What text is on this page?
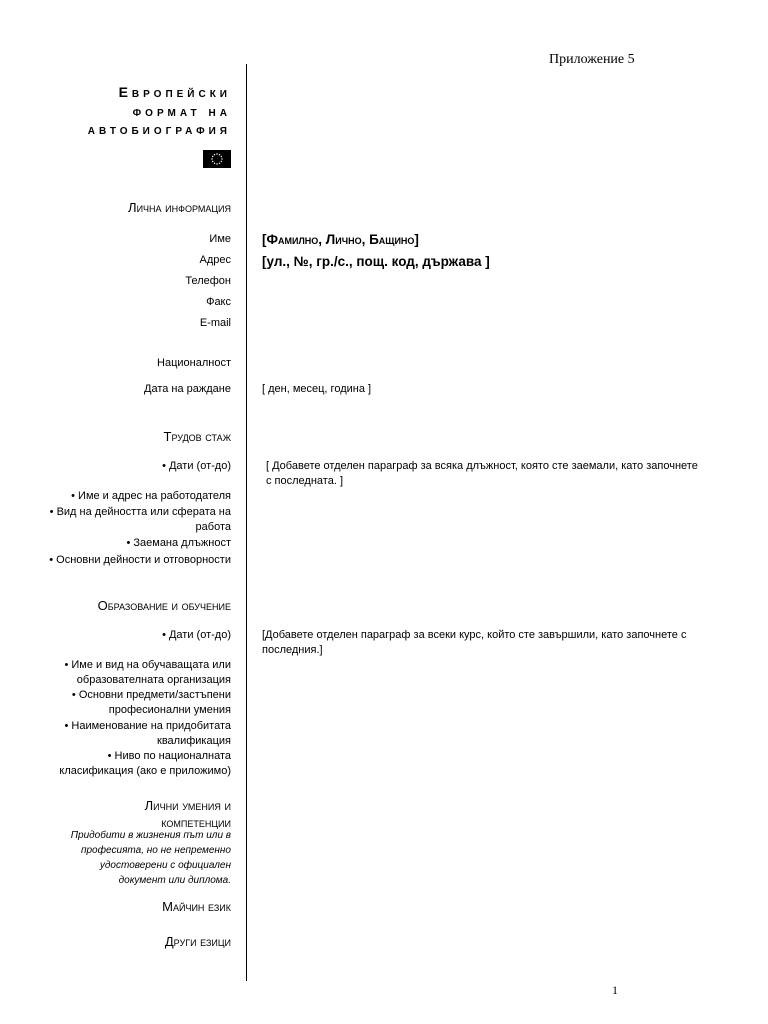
Приложение 5
Европейски
формат на
автобиография
Лична информация
Име
Адрес
Телефон
Факс
E-mail
Националност
Дата на раждане
[Фамилно, Лично, Бащино]
[ул., №, гр./с., пощ. код, държава ]
[ ден, месец, година ]
Трудов стаж
• Дати (от-до)
• Име и адрес на работодателя
• Вид на дейността или сферата на работа
• Заемана длъжност
• Основни дейности и отговорности
[ Добавете отделен параграф за всяка длъжност, която сте заемали, като започнете с последната. ]
Образование и обучение
• Дати (от-до)
• Име и вид на обучаващата или образователната организация
• Основни предмети/застъпени професионални умения
• Наименование на придобитата квалификация
• Ниво по националната класификация (ако е приложимо)
[Добавете отделен параграф за всеки курс, който сте завършили, като започнете с последния.]
Лични умения и компетенции
Придобити в жизнения път или в професията, но не непременно удостоверени с официален документ или диплома.
Майчин език
Други езици
1
